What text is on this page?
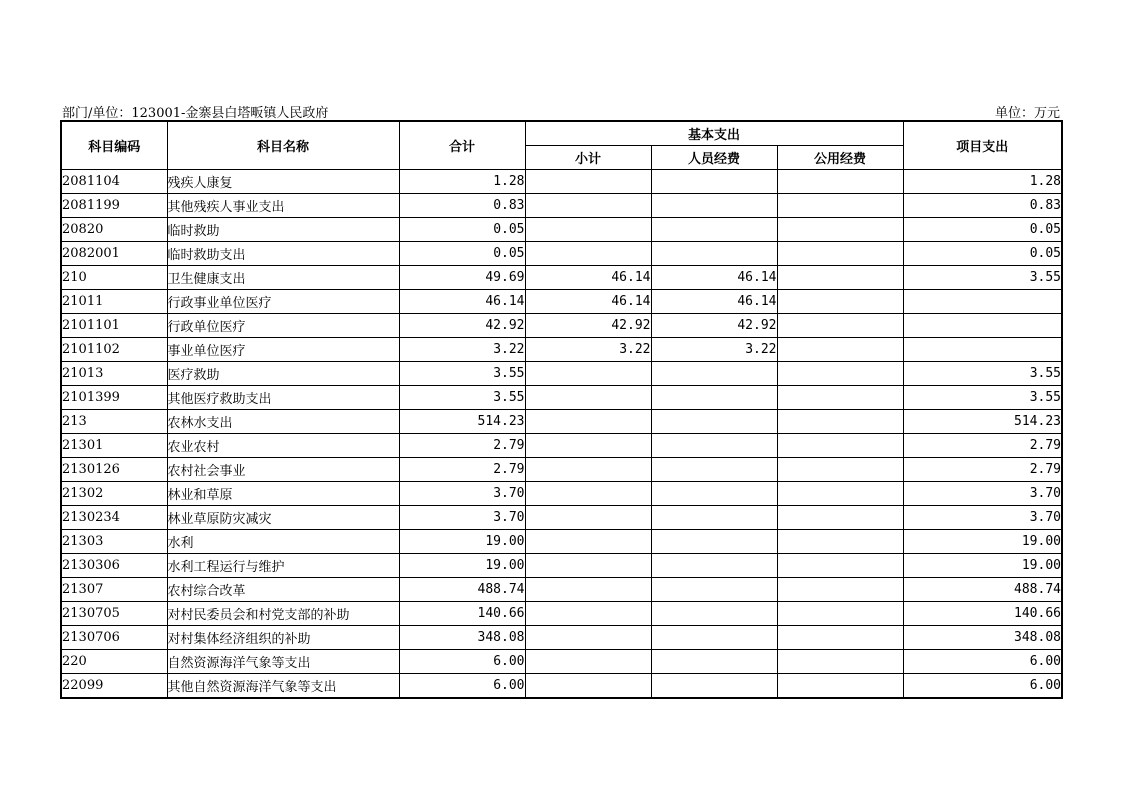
部门/单位：123001-金寨县白塔畈镇人民政府	单位：万元
科目编码	科目名称	合计	基本支出			项目支出
			小计	人员经费	公用经费	
2081104	残疾人康复	1.28				1.28
2081199	其他残疾人事业支出	0.83				0.83
20820	临时救助	0.05				0.05
2082001	临时救助支出	0.05				0.05
210	卫生健康支出	49.69	46.14	46.14		3.55
21011	行政事业单位医疗	46.14	46.14	46.14		
2101101	行政单位医疗	42.92	42.92	42.92		
2101102	事业单位医疗	3.22	3.22	3.22		
21013	医疗救助	3.55				3.55
2101399	其他医疗救助支出	3.55				3.55
213	农林水支出	514.23				514.23
21301	农业农村	2.79				2.79
2130126	农村社会事业	2.79				2.79
21302	林业和草原	3.70				3.70
2130234	林业草原防灾减灾	3.70				3.70
21303	水利	19.00				19.00
2130306	水利工程运行与维护	19.00				19.00
21307	农村综合改革	488.74				488.74
2130705	对村民委员会和村党支部的补助	140.66				140.66
2130706	对村集体经济组织的补助	348.08				348.08
220	自然资源海洋气象等支出	6.00				6.00
22099	其他自然资源海洋气象等支出	6.00				6.00
